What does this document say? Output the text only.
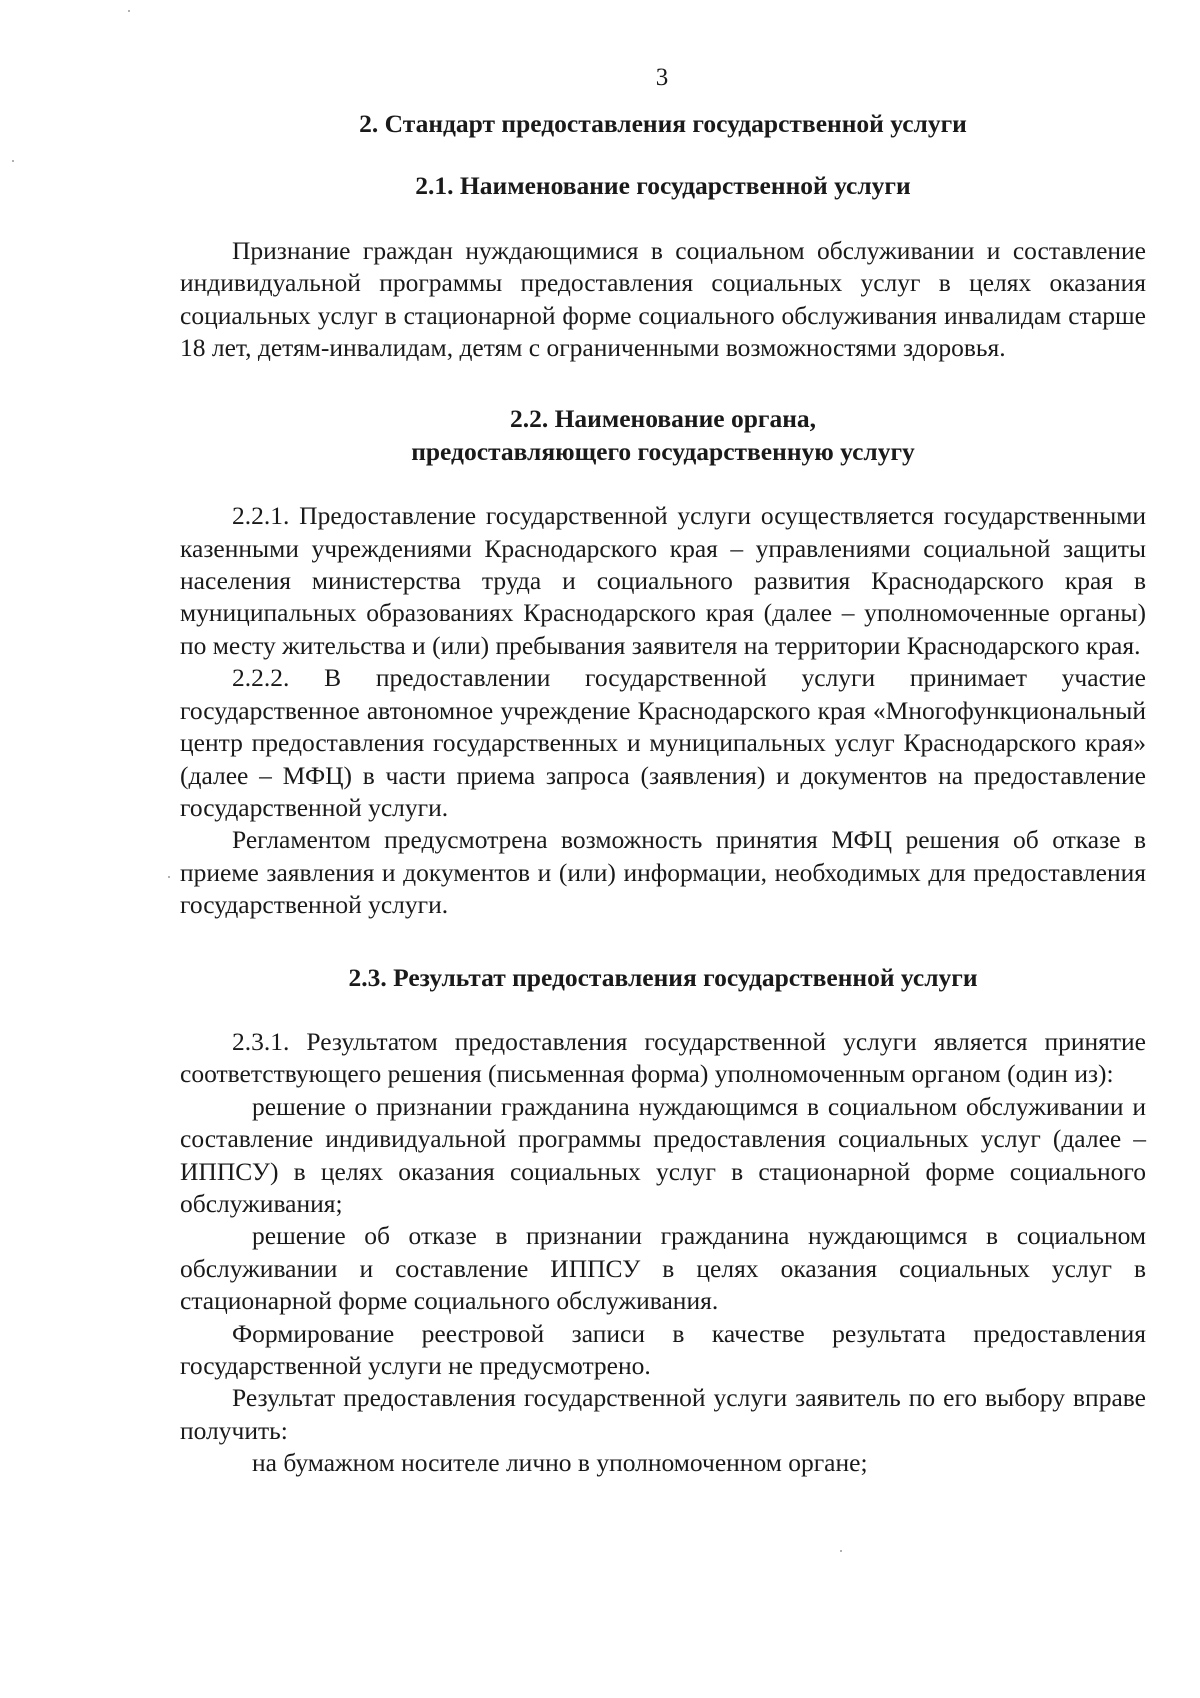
3

2. Стандарт предоставления государственной услуги

2.1. Наименование государственной услуги

Признание граждан нуждающимися в социальном обслуживании и составление индивидуальной программы предоставления социальных услуг в целях оказания социальных услуг в стационарной форме социального обслуживания инвалидам старше 18 лет, детям-инвалидам, детям с ограниченными возможностями здоровья.

2.2. Наименование органа,
предоставляющего государственную услугу

2.2.1. Предоставление государственной услуги осуществляется государственными казенными учреждениями Краснодарского края – управлениями социальной защиты населения министерства труда и социального развития Краснодарского края в муниципальных образованиях Краснодарского края (далее – уполномоченные органы) по месту жительства и (или) пребывания заявителя на территории Краснодарского края.

2.2.2. В предоставлении государственной услуги принимает участие государственное автономное учреждение Краснодарского края «Многофункциональный центр предоставления государственных и муниципальных услуг Краснодарского края» (далее – МФЦ) в части приема запроса (заявления) и документов на предоставление государственной услуги.

Регламентом предусмотрена возможность принятия МФЦ решения об отказе в приеме заявления и документов и (или) информации, необходимых для предоставления государственной услуги.

2.3. Результат предоставления государственной услуги

2.3.1. Результатом предоставления государственной услуги является принятие соответствующего решения (письменная форма) уполномоченным органом (один из):

решение о признании гражданина нуждающимся в социальном обслуживании и составление индивидуальной программы предоставления социальных услуг (далее – ИППСУ) в целях оказания социальных услуг в стационарной форме социального обслуживания;

решение об отказе в признании гражданина нуждающимся в социальном обслуживании и составление ИППСУ в целях оказания социальных услуг в стационарной форме социального обслуживания.

Формирование реестровой записи в качестве результата предоставления государственной услуги не предусмотрено.

Результат предоставления государственной услуги заявитель по его выбору вправе получить:

на бумажном носителе лично в уполномоченном органе;
